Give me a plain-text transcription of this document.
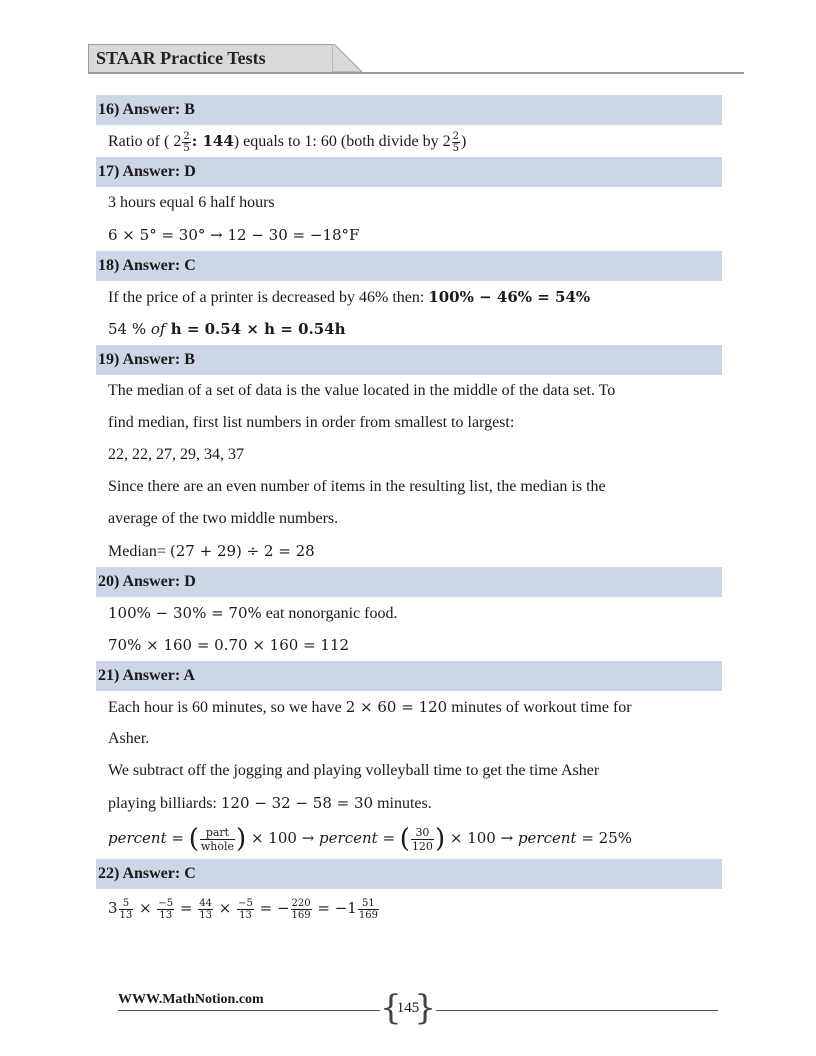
STAAR Practice Tests
16) Answer: B
Ratio of ( $2 \frac{2}{5}$ : 144) equals to 1: 60 (both divide by $2 \frac{2}{5}$ )
17) Answer: D
3 hours equal 6 half hours
6 × 5° = 30° → 12 − 30 = −18°F
18) Answer: C
If the price of a printer is decreased by 46% then: 100% − 46% = 54%
54 % of h = 0.54 × h = 0.54h
19) Answer: B
The median of a set of data is the value located in the middle of the data set. To
find median, first list numbers in order from smallest to largest:
22, 22, 27, 29, 34, 37
Since there are an even number of items in the resulting list, the median is the
average of the two middle numbers.
Median= (27 + 29) ÷ 2 = 28
20) Answer: D
100% − 30% = 70% eat nonorganic food.
70% × 160 = 0.70 × 160 = 112
21) Answer: A
Each hour is 60 minutes, so we have 2 × 60 = 120 minutes of workout time for
Asher.
We subtract off the jogging and playing volleyball time to get the time Asher
playing billiards: 120 − 32 − 58 = 30 minutes.
percent = ( $\frac{\text{part}}{\text{whole}}$ ) × 100 → percent = ( $\frac{30}{120}$ ) × 100 → percent = 25%
22) Answer: C
$3 \frac{5}{13} \times \frac{-5}{13} = \frac{44}{13} \times \frac{-5}{13}$ = − $\frac{220}{169} = -1 \frac{51}{169}$
WWW.MathNotion.com	{
145
}
